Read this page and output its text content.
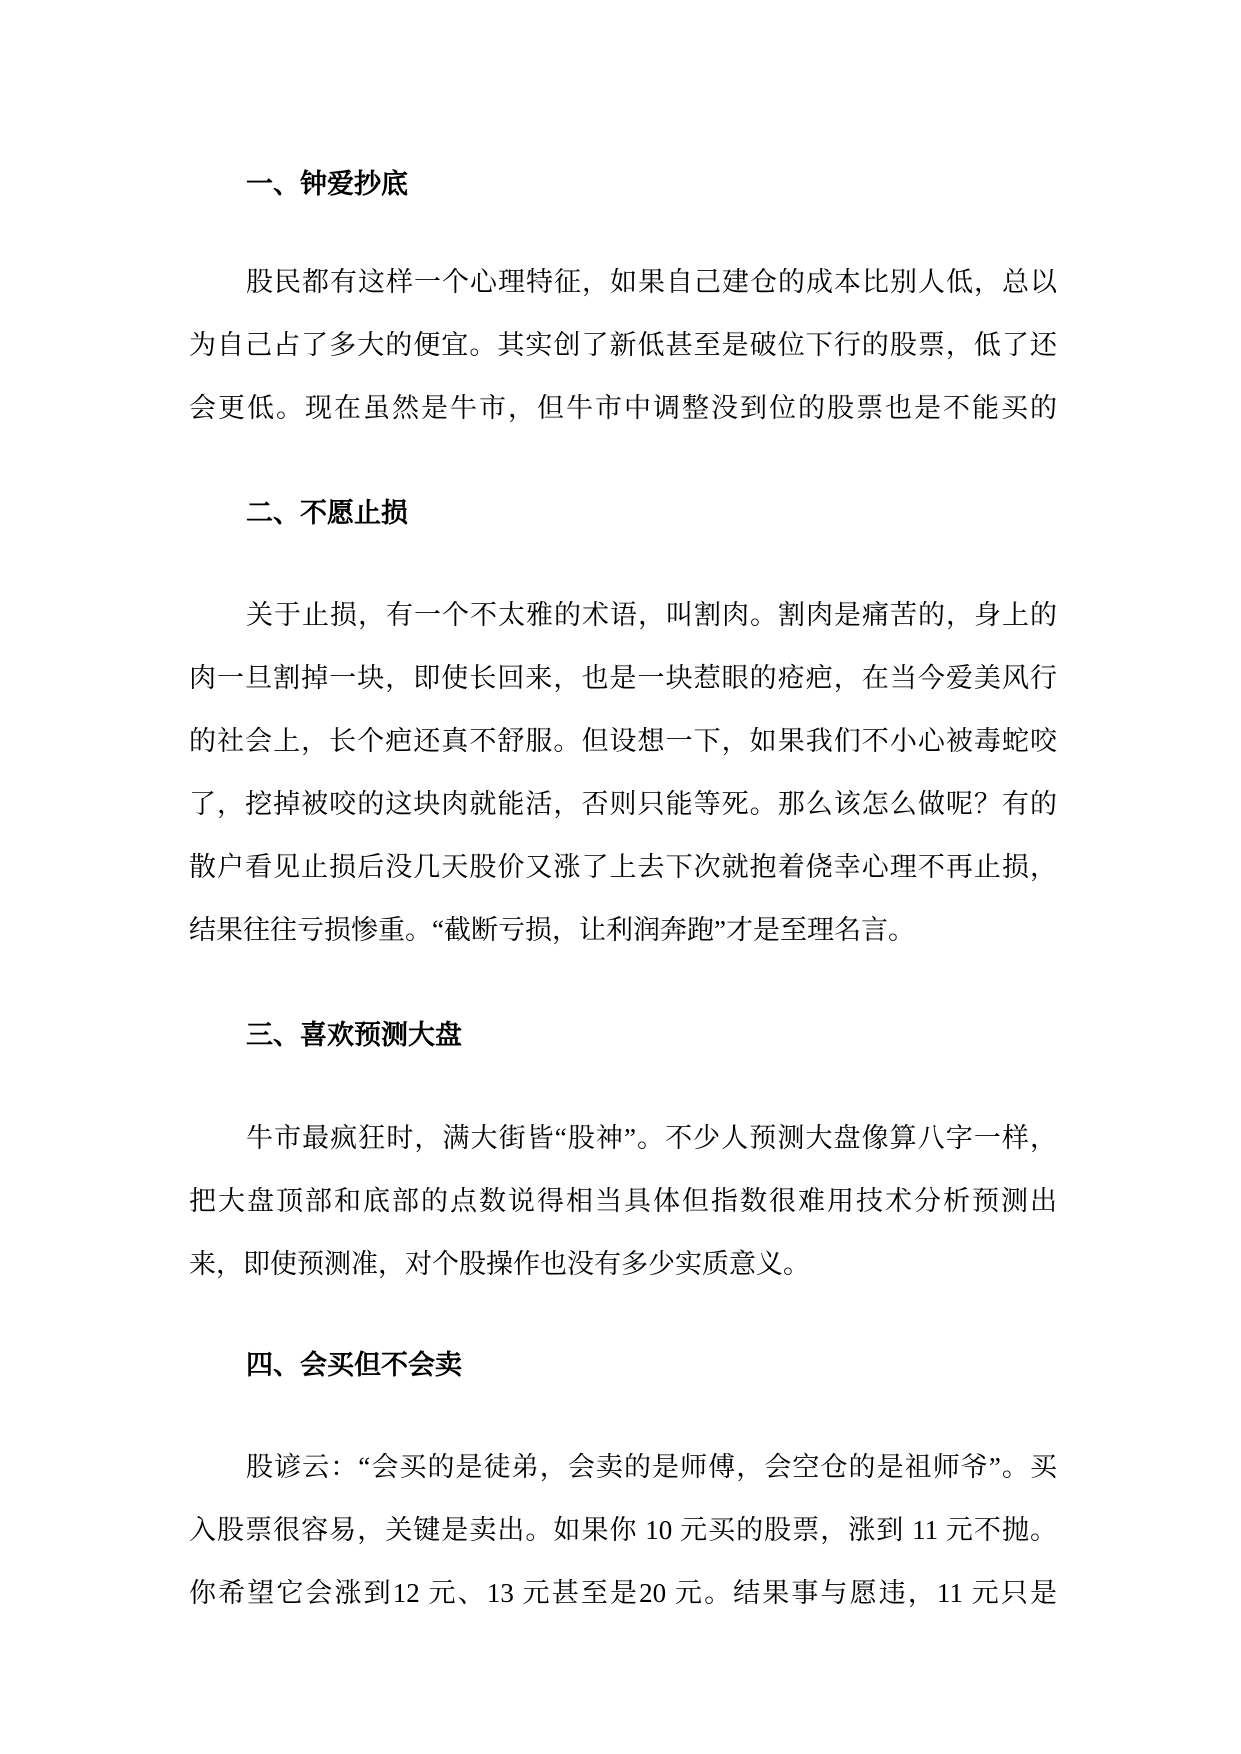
一、钟爱抄底
股民都有这样一个心理特征，如果自己建仓的成本比别人低，总以
为自己占了多大的便宜。其实创了新低甚至是破位下行的股票，低了还
会更低。现在虽然是牛市，但牛市中调整没到位的股票也是不能买的
二、不愿止损
关于止损，有一个不太雅的术语，叫割肉。割肉是痛苦的，身上的
肉一旦割掉一块，即使长回来，也是一块惹眼的疮疤，在当今爱美风行
的社会上，长个疤还真不舒服。但设想一下，如果我们不小心被毒蛇咬
了，挖掉被咬的这块肉就能活，否则只能等死。那么该怎么做呢？有的
散户看见止损后没几天股价又涨了上去下次就抱着侥幸心理不再止损，
结果往往亏损惨重。“截断亏损，让利润奔跑”才是至理名言。
三、喜欢预测大盘
牛市最疯狂时，满大街皆“股神”。不少人预测大盘像算八字一样，
把大盘顶部和底部的点数说得相当具体但指数很难用技术分析预测出
来，即使预测准，对个股操作也没有多少实质意义。
四、会买但不会卖
股谚云：“会买的是徒弟，会卖的是师傅，会空仓的是祖师爷”。买
入股票很容易，关键是卖出。如果你 10 元买的股票，涨到 11 元不抛。
你希望它会涨到12 元、13 元甚至是20 元。结果事与愿违，11 元只是
